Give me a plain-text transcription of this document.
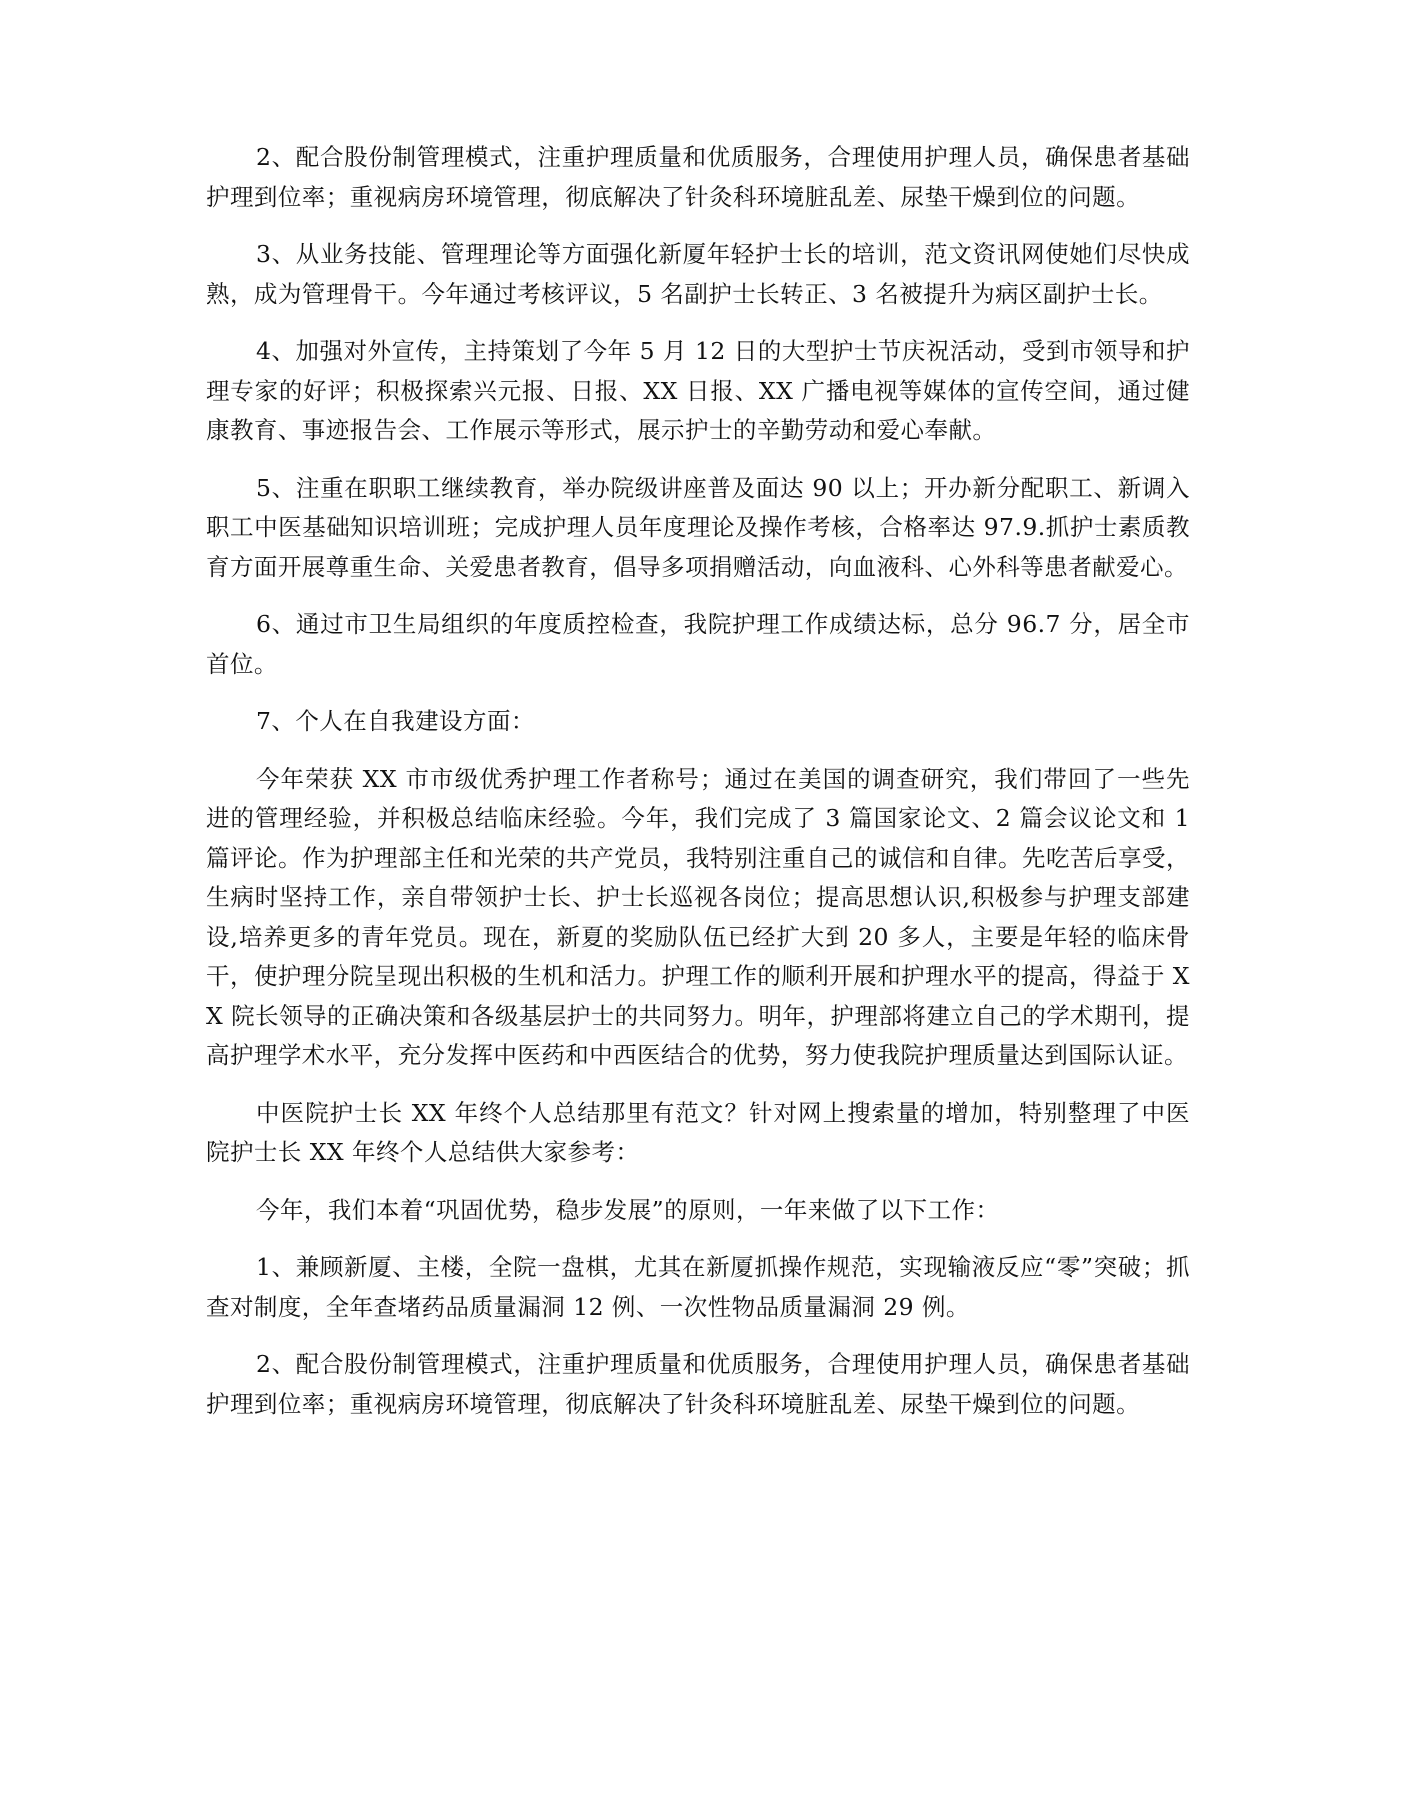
2、配合股份制管理模式，注重护理质量和优质服务，合理使用护理人员，确保患者基础护理到位率；重视病房环境管理，彻底解决了针灸科环境脏乱差、尿垫干燥到位的问题。

3、从业务技能、管理理论等方面强化新厦年轻护士长的培训，范文资讯网使她们尽快成熟，成为管理骨干。今年通过考核评议，5 名副护士长转正、3 名被提升为病区副护士长。

4、加强对外宣传，主持策划了今年 5 月 12 日的大型护士节庆祝活动，受到市领导和护理专家的好评；积极探索兴元报、日报、XX 日报、XX 广播电视等媒体的宣传空间，通过健康教育、事迹报告会、工作展示等形式，展示护士的辛勤劳动和爱心奉献。

5、注重在职职工继续教育，举办院级讲座普及面达 90 以上；开办新分配职工、新调入职工中医基础知识培训班；完成护理人员年度理论及操作考核，合格率达 97.9.抓护士素质教育方面开展尊重生命、关爱患者教育，倡导多项捐赠活动，向血液科、心外科等患者献爱心。

6、通过市卫生局组织的年度质控检查，我院护理工作成绩达标，总分 96.7 分，居全市首位。

7、个人在自我建设方面：

今年荣获 XX 市市级优秀护理工作者称号；通过在美国的调查研究，我们带回了一些先进的管理经验，并积极总结临床经验。今年，我们完成了 3 篇国家论文、2 篇会议论文和 1 篇评论。作为护理部主任和光荣的共产党员，我特别注重自己的诚信和自律。先吃苦后享受，生病时坚持工作，亲自带领护士长、护士长巡视各岗位；提高思想认识,积极参与护理支部建设,培养更多的青年党员。现在，新夏的奖励队伍已经扩大到 20 多人，主要是年轻的临床骨干，使护理分院呈现出积极的生机和活力。护理工作的顺利开展和护理水平的提高，得益于 XX 院长领导的正确决策和各级基层护士的共同努力。明年，护理部将建立自己的学术期刊，提高护理学术水平，充分发挥中医药和中西医结合的优势，努力使我院护理质量达到国际认证。

中医院护士长 XX 年终个人总结那里有范文？针对网上搜索量的增加，特别整理了中医院护士长 XX 年终个人总结供大家参考：

今年，我们本着“巩固优势，稳步发展”的原则，一年来做了以下工作：

1、兼顾新厦、主楼，全院一盘棋，尤其在新厦抓操作规范，实现输液反应“零”突破；抓查对制度，全年查堵药品质量漏洞 12 例、一次性物品质量漏洞 29 例。

2、配合股份制管理模式，注重护理质量和优质服务，合理使用护理人员，确保患者基础护理到位率；重视病房环境管理，彻底解决了针灸科环境脏乱差、尿垫干燥到位的问题。
